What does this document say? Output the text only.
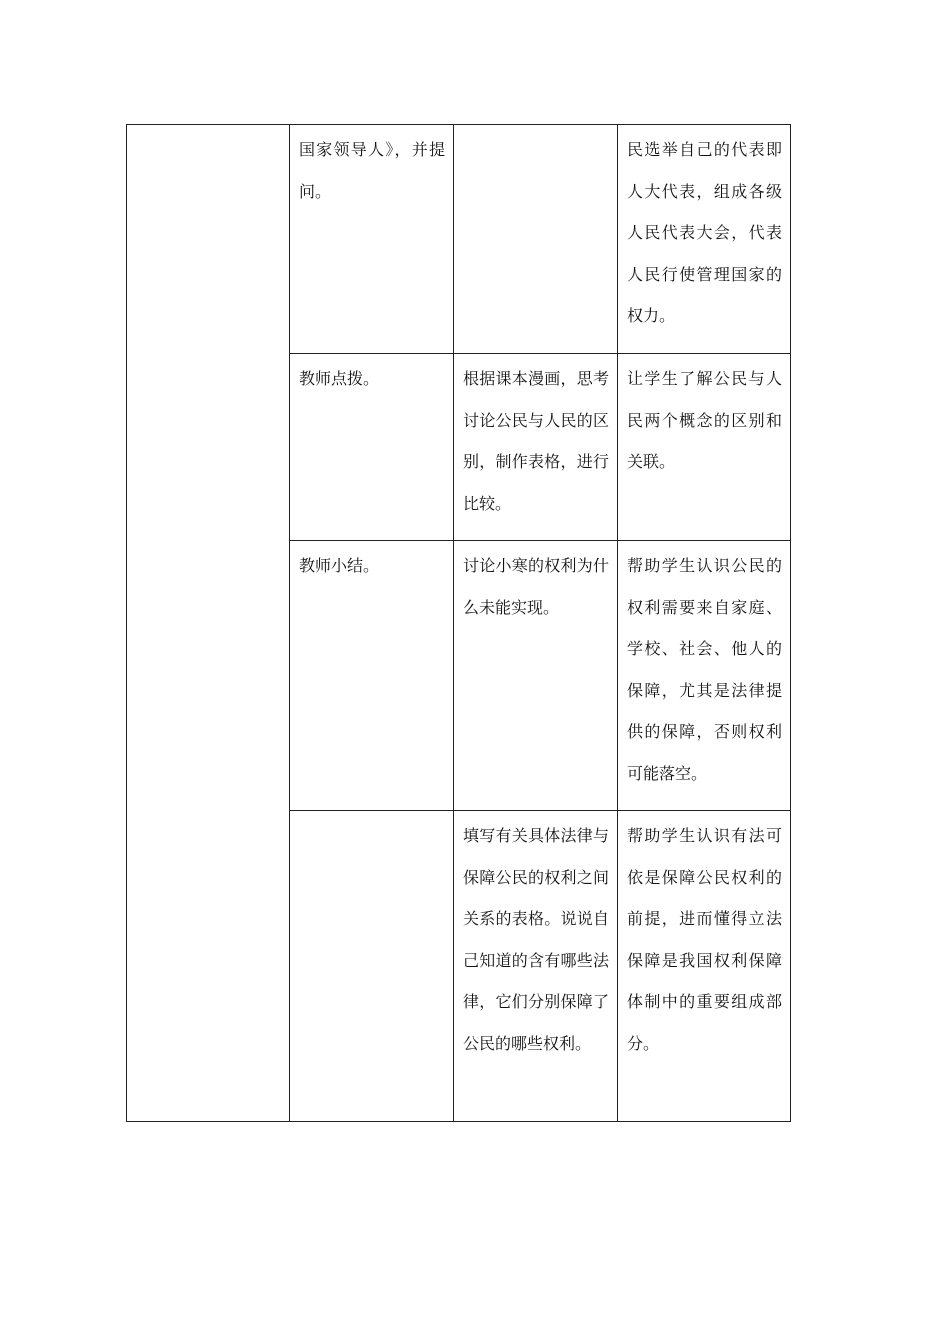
	国家领导人》，并提问。		民选举自己的代表即人大代表，组成各级人民代表大会，代表人民行使管理国家的权力。

	教师点拨。	根据课本漫画，思考讨论公民与人民的区别，制作表格，进行比较。	让学生了解公民与人民两个概念的区别和关联。

	教师小结。	讨论小寒的权利为什么未能实现。	帮助学生认识公民的权利需要来自家庭、学校、社会、他人的保障，尤其是法律提供的保障，否则权利可能落空。

		填写有关具体法律与保障公民的权利之间关系的表格。说说自己知道的含有哪些法律，它们分别保障了公民的哪些权利。	帮助学生认识有法可依是保障公民权利的前提，进而懂得立法保障是我国权利保障体制中的重要组成部分。
